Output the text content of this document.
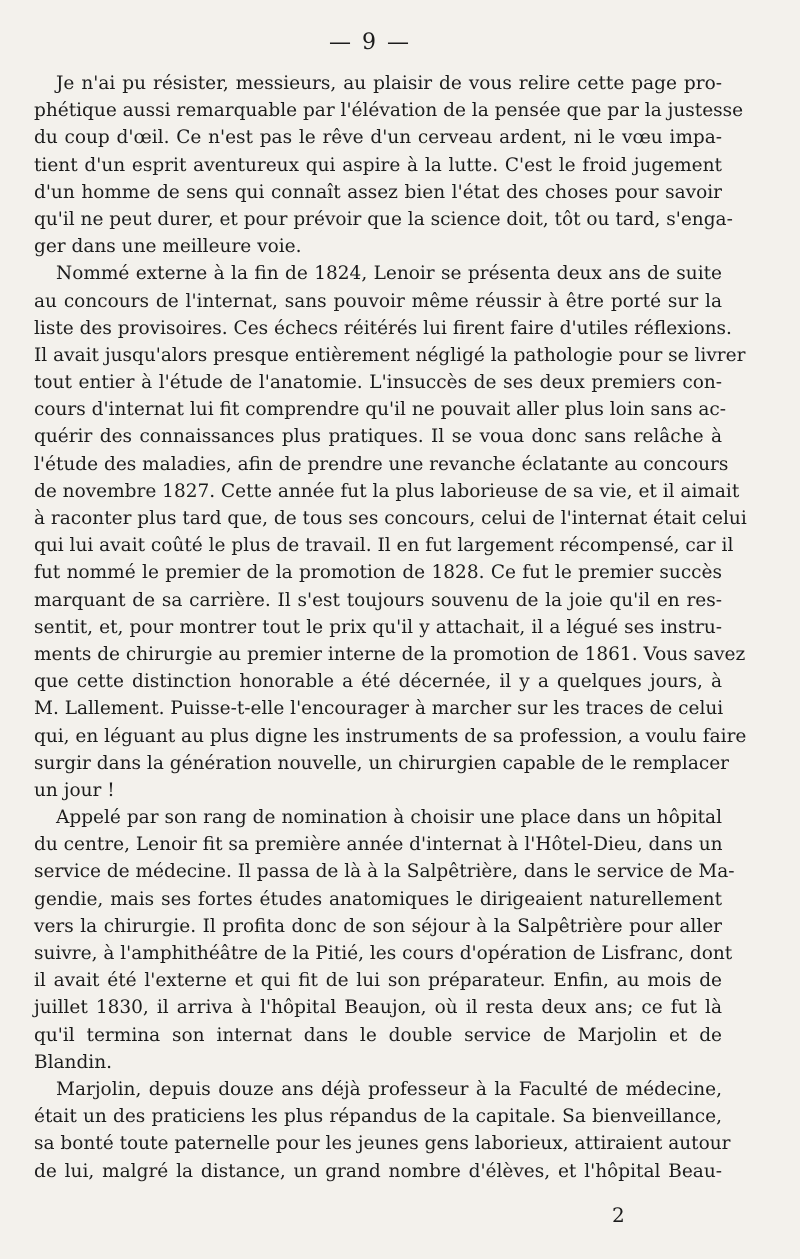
— 9 —
Je n'ai pu résister, messieurs, au plaisir de vous relire cette page pro-
phétique aussi remarquable par l'élévation de la pensée que par la justesse
du coup d'œil. Ce n'est pas le rêve d'un cerveau ardent, ni le vœu impa-
tient d'un esprit aventureux qui aspire à la lutte. C'est le froid jugement
d'un homme de sens qui connaît assez bien l'état des choses pour savoir
qu'il ne peut durer, et pour prévoir que la science doit, tôt ou tard, s'enga-
ger dans une meilleure voie.
Nommé externe à la fin de 1824, Lenoir se présenta deux ans de suite
au concours de l'internat, sans pouvoir même réussir à être porté sur la
liste des provisoires. Ces échecs réitérés lui firent faire d'utiles réflexions.
Il avait jusqu'alors presque entièrement négligé la pathologie pour se livrer
tout entier à l'étude de l'anatomie. L'insuccès de ses deux premiers con-
cours d'internat lui fit comprendre qu'il ne pouvait aller plus loin sans ac-
quérir des connaissances plus pratiques. Il se voua donc sans relâche à
l'étude des maladies, afin de prendre une revanche éclatante au concours
de novembre 1827. Cette année fut la plus laborieuse de sa vie, et il aimait
à raconter plus tard que, de tous ses concours, celui de l'internat était celui
qui lui avait coûté le plus de travail. Il en fut largement récompensé, car il
fut nommé le premier de la promotion de 1828. Ce fut le premier succès
marquant de sa carrière. Il s'est toujours souvenu de la joie qu'il en res-
sentit, et, pour montrer tout le prix qu'il y attachait, il a légué ses instru-
ments de chirurgie au premier interne de la promotion de 1861. Vous savez
que cette distinction honorable a été décernée, il y a quelques jours, à
M. Lallement. Puisse-t-elle l'encourager à marcher sur les traces de celui
qui, en léguant au plus digne les instruments de sa profession, a voulu faire
surgir dans la génération nouvelle, un chirurgien capable de le remplacer
un jour !
Appelé par son rang de nomination à choisir une place dans un hôpital
du centre, Lenoir fit sa première année d'internat à l'Hôtel-Dieu, dans un
service de médecine. Il passa de là à la Salpêtrière, dans le service de Ma-
gendie, mais ses fortes études anatomiques le dirigeaient naturellement
vers la chirurgie. Il profita donc de son séjour à la Salpêtrière pour aller
suivre, à l'amphithéâtre de la Pitié, les cours d'opération de Lisfranc, dont
il avait été l'externe et qui fit de lui son préparateur. Enfin, au mois de
juillet 1830, il arriva à l'hôpital Beaujon, où il resta deux ans; ce fut là
qu'il termina son internat dans le double service de Marjolin et de
Blandin.
Marjolin, depuis douze ans déjà professeur à la Faculté de médecine,
était un des praticiens les plus répandus de la capitale. Sa bienveillance,
sa bonté toute paternelle pour les jeunes gens laborieux, attiraient autour
de lui, malgré la distance, un grand nombre d'élèves, et l'hôpital Beau-
2
